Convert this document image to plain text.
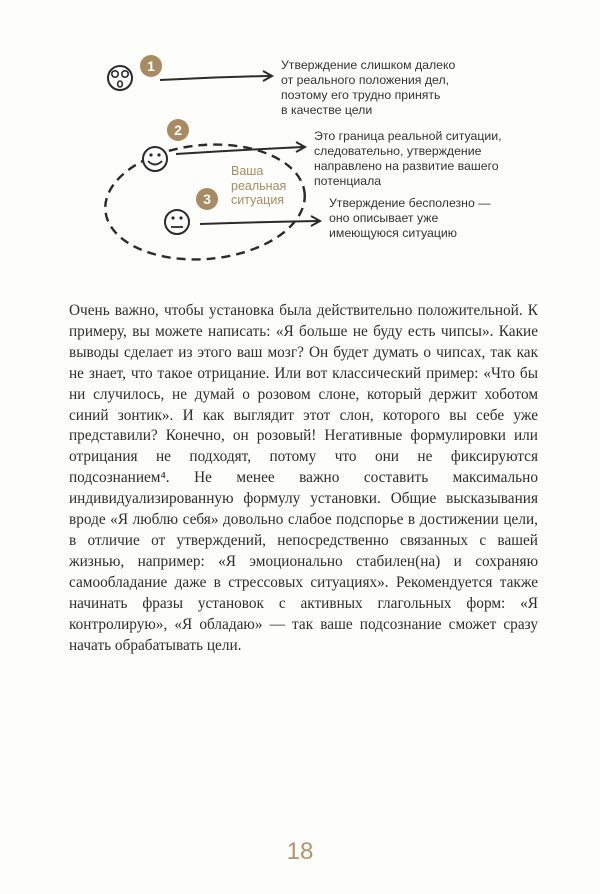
1
2
3
Утверждение слишком далеко
от реального положения дел,
поэтому его трудно принять
в качестве цели
Это граница реальной ситуации,
следовательно, утверждение
направлено на развитие вашего
потенциала
Утверждение бесполезно —
оно описывает уже
имеющуюся ситуацию
Ваша
реальная
ситуация

Очень важно, чтобы установка была действительно положительной. К примеру, вы можете написать: «Я больше не буду есть чипсы». Какие выводы сделает из этого ваш мозг? Он будет думать о чипсах, так как не знает, что такое отрицание. Или вот классический пример: «Что бы ни случилось, не думай о розовом слоне, который держит хоботом синий зонтик». И как выглядит этот слон, которого вы себе уже представили? Конечно, он розовый! Негативные формулировки или отрицания не подходят, потому что они не фиксируются подсознанием⁴. Не менее важно составить максимально индивидуализированную формулу установки. Общие высказывания вроде «Я люблю себя» довольно слабое подспорье в достижении цели, в отличие от утверждений, непосредственно связанных с вашей жизнью, например: «Я эмоционально стабилен(на) и сохраняю самообладание даже в стрессовых ситуациях». Рекомендуется также начинать фразы установок с активных глагольных форм: «Я контролирую», «Я обладаю» — так ваше подсознание сможет сразу начать обрабатывать цели.

18
